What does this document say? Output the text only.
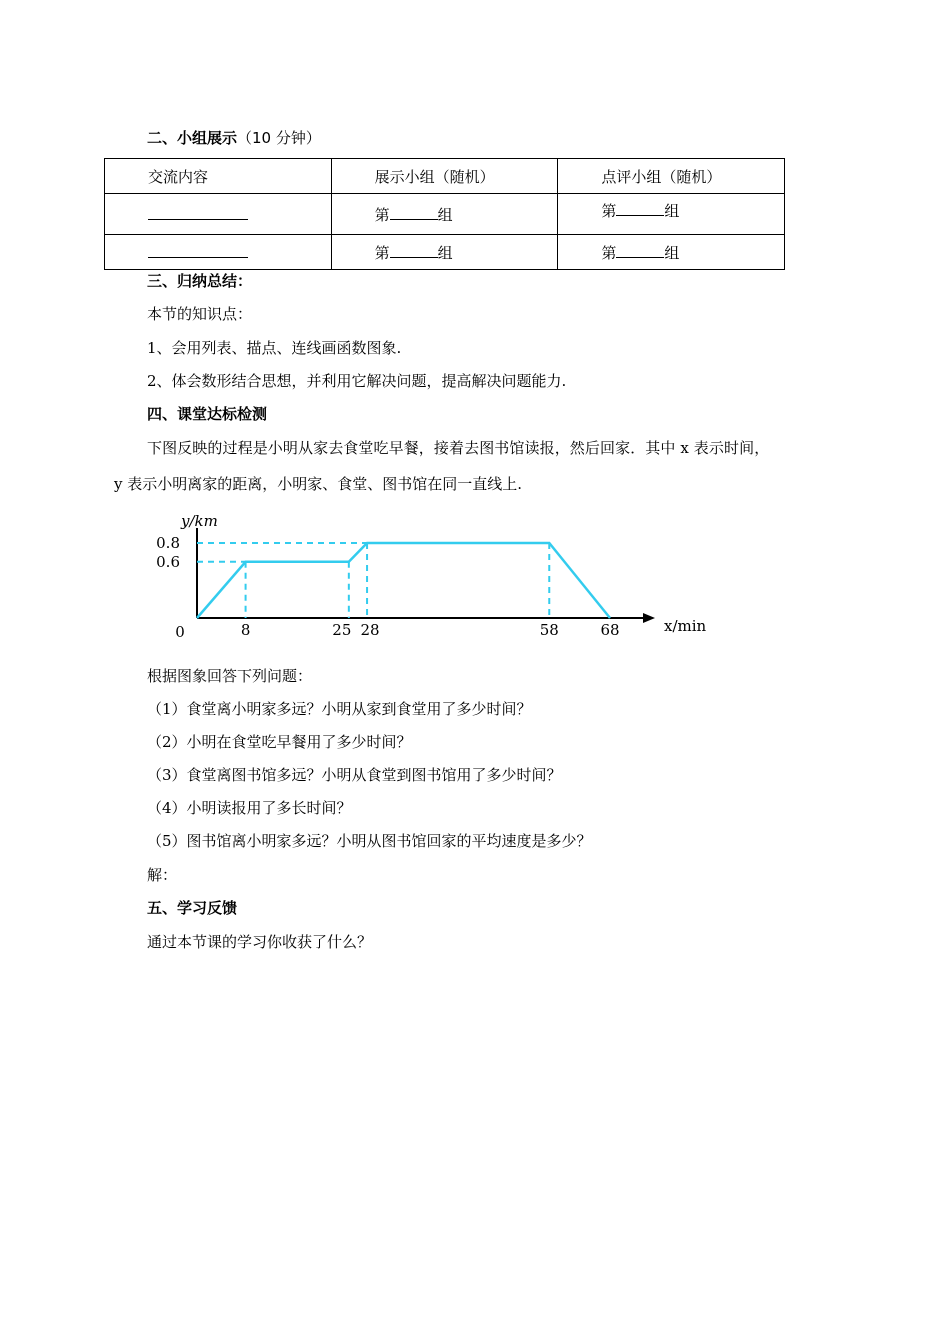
二、小组展示（10 分钟）
交流内容	展示小组（随机）	点评小组（随机）
	第 组	第 组
	第 组	第 组
三、归纳总结：
本节的知识点：
1、会用列表、描点、连线画函数图象.
2、体会数形结合思想，并利用它解决问题，提高解决问题能力.
四、课堂达标检测
下图反映的过程是小明从家去食堂吃早餐，接着去图书馆读报，然后回家．其中 x 表示时间，
y 表示小明离家的距离，小明家、食堂、图书馆在同一直线上.
8	25 28	58	68
0.8
0.6
0	x/min
y/km
根据图象回答下列问题：
（1）食堂离小明家多远？小明从家到食堂用了多少时间？
（2）小明在食堂吃早餐用了多少时间？
（3）食堂离图书馆多远？小明从食堂到图书馆用了多少时间？
（4）小明读报用了多长时间？
（5）图书馆离小明家多远？小明从图书馆回家的平均速度是多少？
解：
五、学习反馈
通过本节课的学习你收获了什么？
